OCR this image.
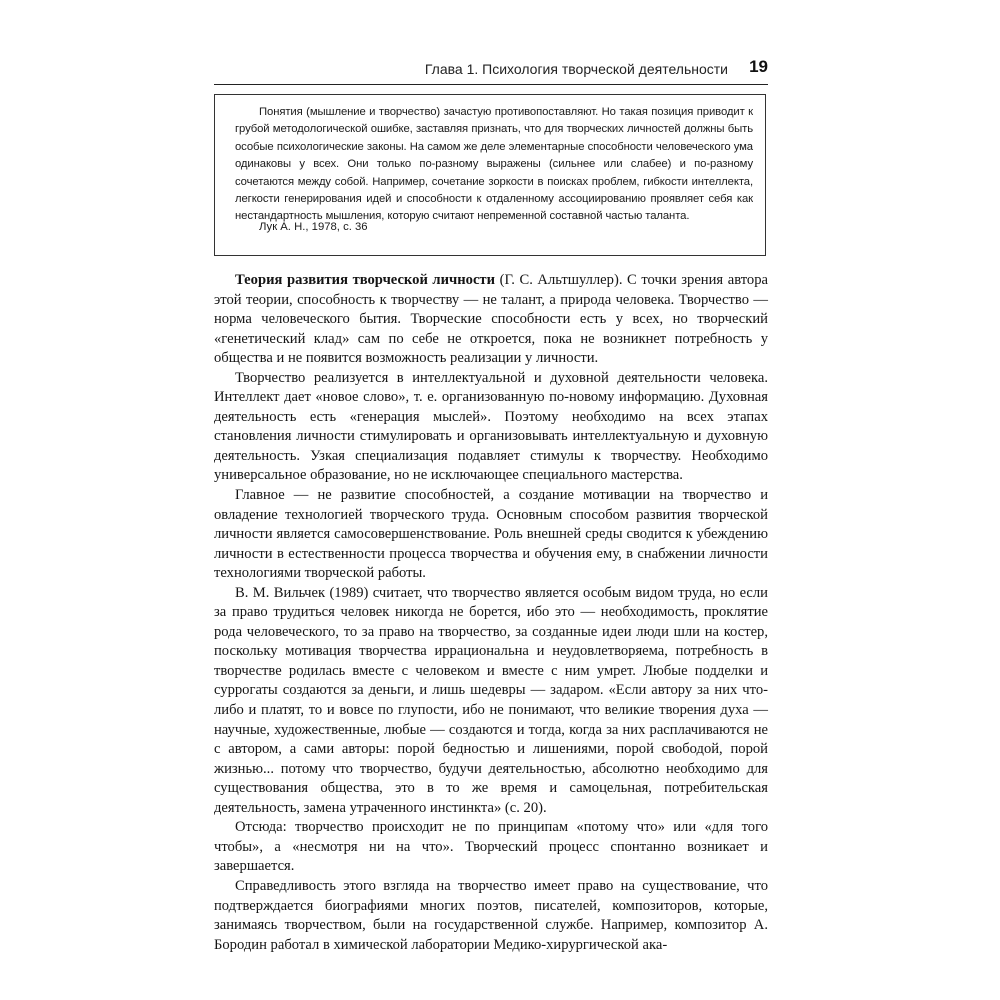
Глава 1. Психология творческой деятельности 19

Понятия (мышление и творчество) зачастую противопоставляют. Но такая позиция приводит к грубой методологической ошибке, заставляя признать, что для творческих личностей должны быть особые психологические законы. На самом же деле элементарные способности человеческого ума одинаковы у всех. Они только по-разному выражены (сильнее или слабее) и по-разному сочетаются между собой. Например, сочетание зоркости в поисках проблем, гибкости интеллекта, легкости генерирования идей и способности к отдаленному ассоциированию проявляет себя как нестандартность мышления, которую считают непременной составной частью таланта.

Лук А. Н., 1978, с. 36

Теория развития творческой личности (Г. С. Альтшуллер). С точки зрения автора этой теории, способность к творчеству — не талант, а природа человека. Творчество — норма человеческого бытия. Творческие способности есть у всех, но творческий «генетический клад» сам по себе не откроется, пока не возникнет потребность у общества и не появится возможность реализации у личности.

Творчество реализуется в интеллектуальной и духовной деятельности человека. Интеллект дает «новое слово», т. е. организованную по-новому информацию. Духовная деятельность есть «генерация мыслей». Поэтому необходимо на всех этапах становления личности стимулировать и организовывать интеллектуальную и духовную деятельность. Узкая специализация подавляет стимулы к творчеству. Необходимо универсальное образование, но не исключающее специального мастерства.

Главное — не развитие способностей, а создание мотивации на творчество и овладение технологией творческого труда. Основным способом развития творческой личности является самосовершенствование. Роль внешней среды сводится к убеждению личности в естественности процесса творчества и обучения ему, в снабжении личности технологиями творческой работы.

В. М. Вильчек (1989) считает, что творчество является особым видом труда, но если за право трудиться человек никогда не борется, ибо это — необходимость, проклятие рода человеческого, то за право на творчество, за созданные идеи люди шли на костер, поскольку мотивация творчества иррациональна и неудовлетворяема, потребность в творчестве родилась вместе с человеком и вместе с ним умрет. Любые подделки и суррогаты создаются за деньги, и лишь шедевры — задаром. «Если автору за них что-либо и платят, то и вовсе по глупости, ибо не понимают, что великие творения духа — научные, художественные, любые — создаются и тогда, когда за них расплачиваются не с автором, а сами авторы: порой бедностью и лишениями, порой свободой, порой жизнью... потому что творчество, будучи деятельностью, абсолютно необходимо для существования общества, это в то же время и самоцельная, потребительская деятельность, замена утраченного инстинкта» (с. 20).

Отсюда: творчество происходит не по принципам «потому что» или «для того чтобы», а «несмотря ни на что». Творческий процесс спонтанно возникает и завершается.

Справедливость этого взгляда на творчество имеет право на существование, что подтверждается биографиями многих поэтов, писателей, композиторов, которые, занимаясь творчеством, были на государственной службе. Например, композитор А. Бородин работал в химической лаборатории Медико-хирургической ака-
